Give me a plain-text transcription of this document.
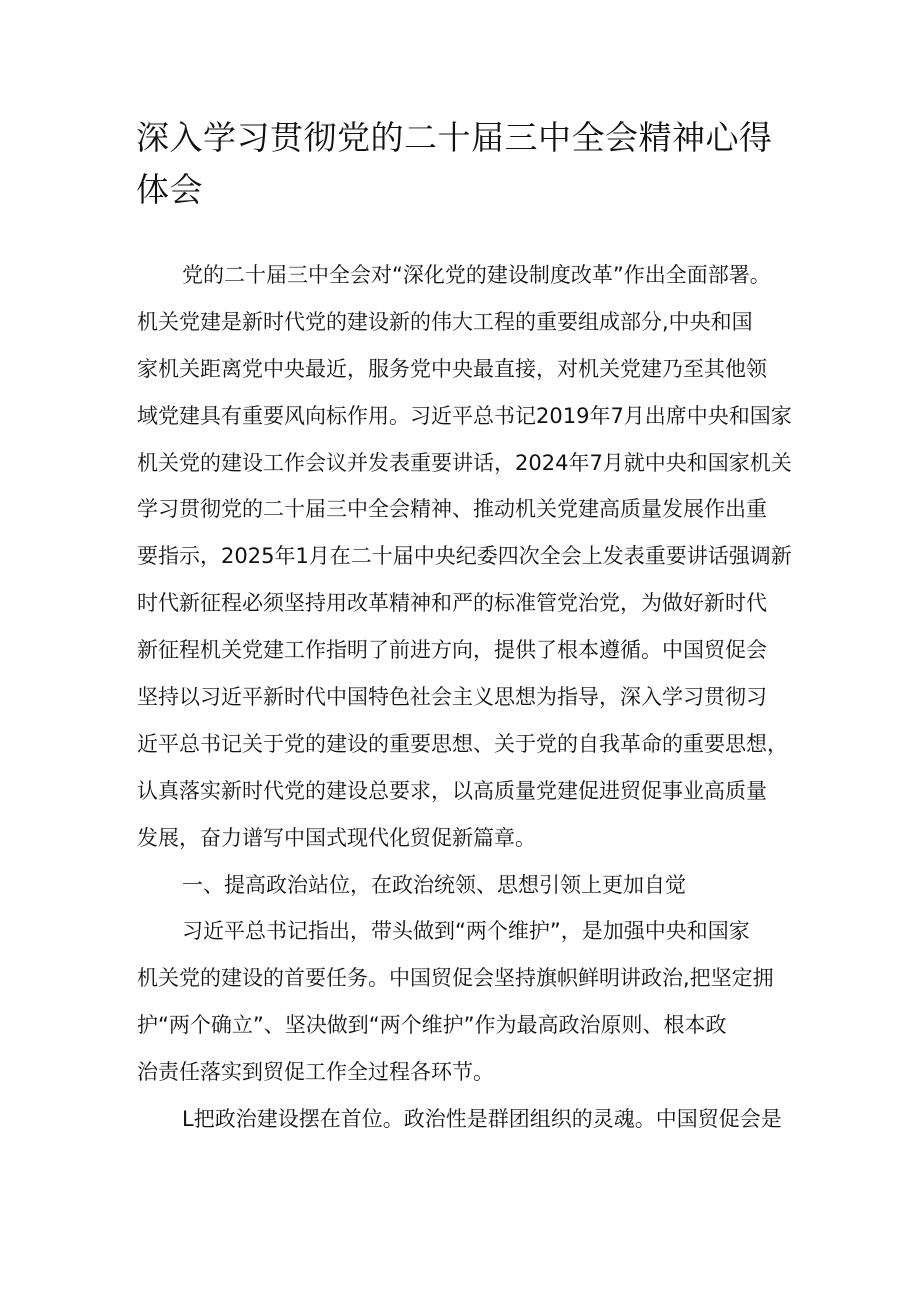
深入学习贯彻党的二十届三中全会精神心得
体会
党的二十届三中全会对“深化党的建设制度改革”作出全面部署。
机关党建是新时代党的建设新的伟大工程的重要组成部分,中央和国
家机关距离党中央最近，服务党中央最直接，对机关党建乃至其他领
域党建具有重要风向标作用。习近平总书记2019年7月出席中央和国家
机关党的建设工作会议并发表重要讲话，2024年7月就中央和国家机关
学习贯彻党的二十届三中全会精神、推动机关党建高质量发展作出重
要指示，2025年1月在二十届中央纪委四次全会上发表重要讲话强调新
时代新征程必须坚持用改革精神和严的标准管党治党，为做好新时代
新征程机关党建工作指明了前进方向，提供了根本遵循。中国贸促会
坚持以习近平新时代中国特色社会主义思想为指导，深入学习贯彻习
近平总书记关于党的建设的重要思想、关于党的自我革命的重要思想，
认真落实新时代党的建设总要求，以高质量党建促进贸促事业高质量
发展，奋力谱写中国式现代化贸促新篇章。
一、提高政治站位，在政治统领、思想引领上更加自觉
习近平总书记指出，带头做到“两个维护”，是加强中央和国家
机关党的建设的首要任务。中国贸促会坚持旗帜鲜明讲政治,把坚定拥
护“两个确立”、坚决做到“两个维护”作为最高政治原则、根本政
治责任落实到贸促工作全过程各环节。
L把政治建设摆在首位。政治性是群团组织的灵魂。中国贸促会是
